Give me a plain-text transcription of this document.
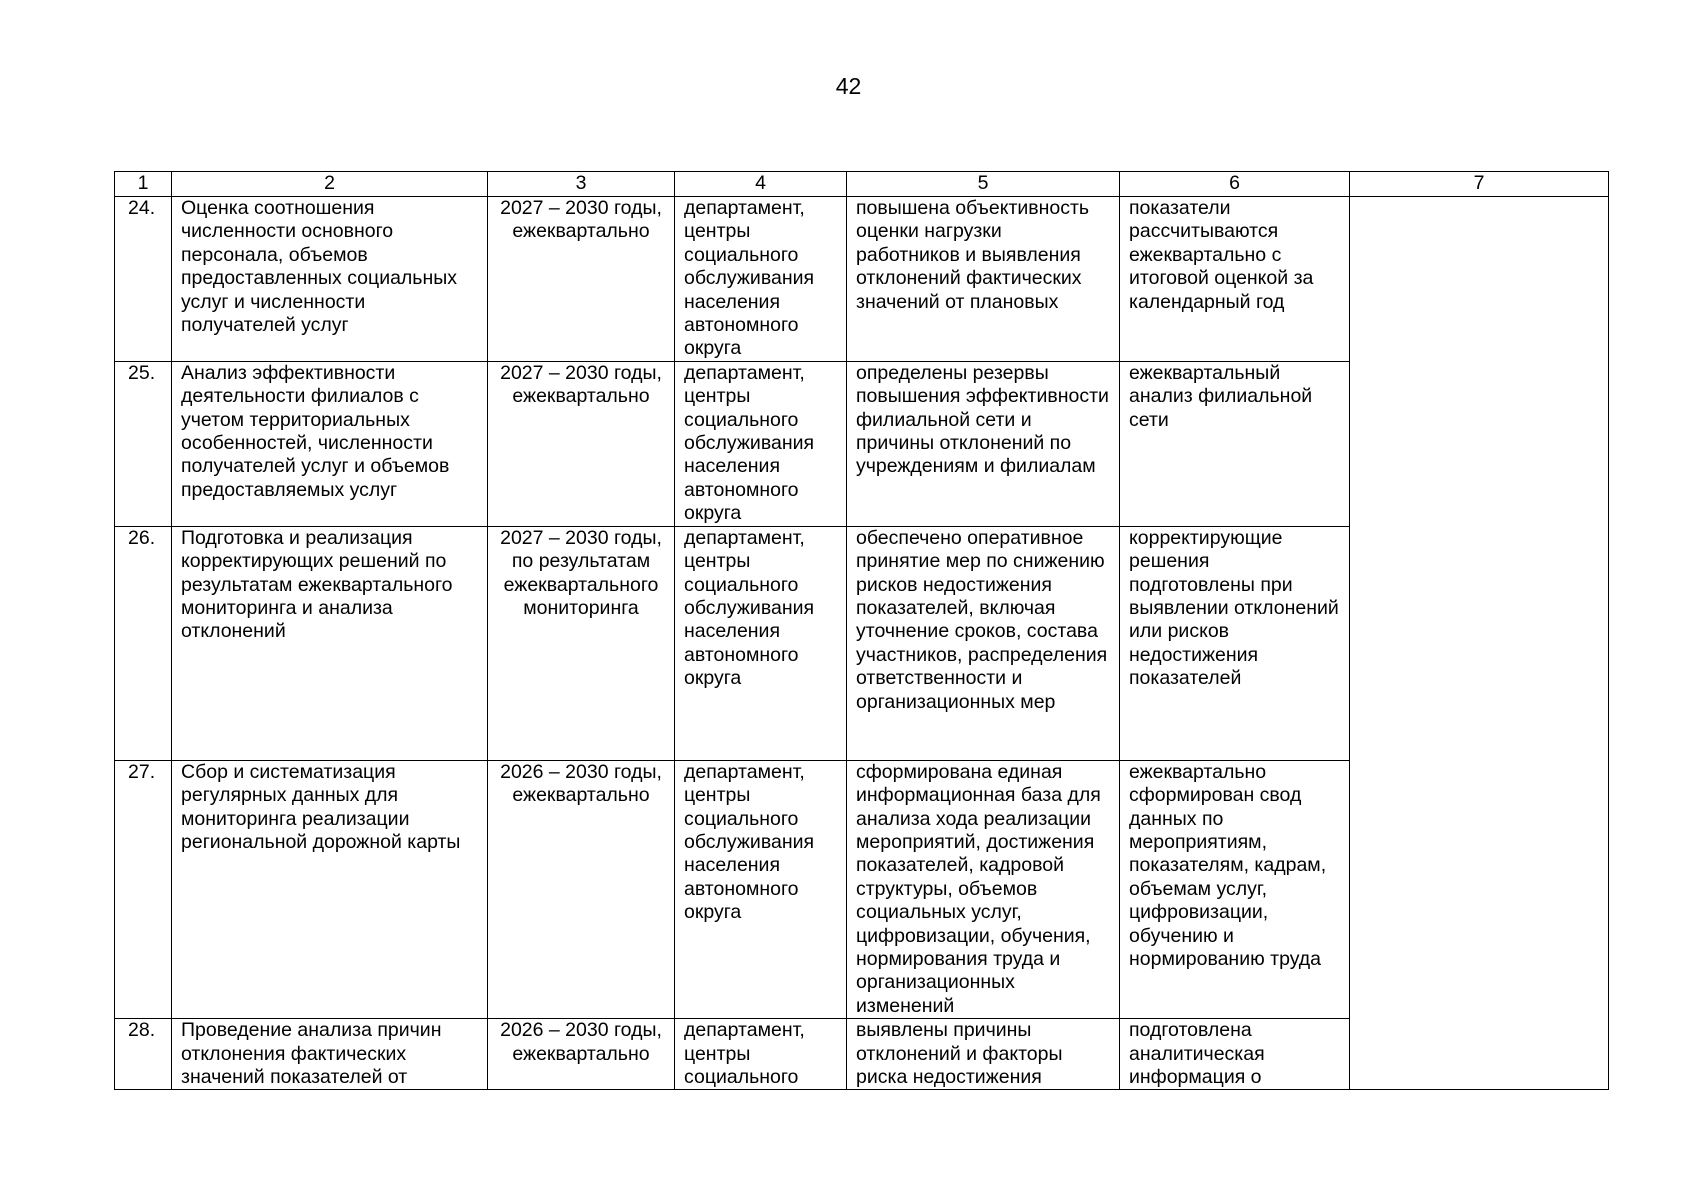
42
1	2	3	4	5	6	7
24.	Оценка соотношения численности основного персонала, объемов предоставленных социальных услуг и численности получателей услуг	2027 – 2030 годы, ежеквартально	департамент, центры социального обслуживания населения автономного округа	повышена объективность оценки нагрузки работников и выявления отклонений фактических значений от плановых	показатели рассчитываются ежеквартально с итоговой оценкой за календарный год	
25.	Анализ эффективности деятельности филиалов с учетом территориальных особенностей, численности получателей услуг и объемов предоставляемых услуг	2027 – 2030 годы, ежеквартально	департамент, центры социального обслуживания населения автономного округа	определены резервы повышения эффективности филиальной сети и причины отклонений по учреждениям и филиалам	ежеквартальный анализ филиальной сети	
26.	Подготовка и реализация корректирующих решений по результатам ежеквартального мониторинга и анализа отклонений	2027 – 2030 годы, по результатам ежеквартального мониторинга	департамент, центры социального обслуживания населения автономного округа	обеспечено оперативное принятие мер по снижению рисков недостижения показателей, включая уточнение сроков, состава участников, распределения ответственности и организационных мер	корректирующие решения подготовлены при выявлении отклонений или рисков недостижения показателей	
27.	Сбор и систематизация регулярных данных для мониторинга реализации региональной дорожной карты	2026 – 2030 годы, ежеквартально	департамент, центры социального обслуживания населения автономного округа	сформирована единая информационная база для анализа хода реализации мероприятий, достижения показателей, кадровой структуры, объемов социальных услуг, цифровизации, обучения, нормирования труда и организационных изменений	ежеквартально сформирован свод данных по мероприятиям, показателям, кадрам, объемам услуг, цифровизации, обучению и нормированию труда	
28.	Проведение анализа причин отклонения фактических значений показателей от	2026 – 2030 годы, ежеквартально	департамент, центры социального	выявлены причины отклонений и факторы риска недостижения	подготовлена аналитическая информация о	
